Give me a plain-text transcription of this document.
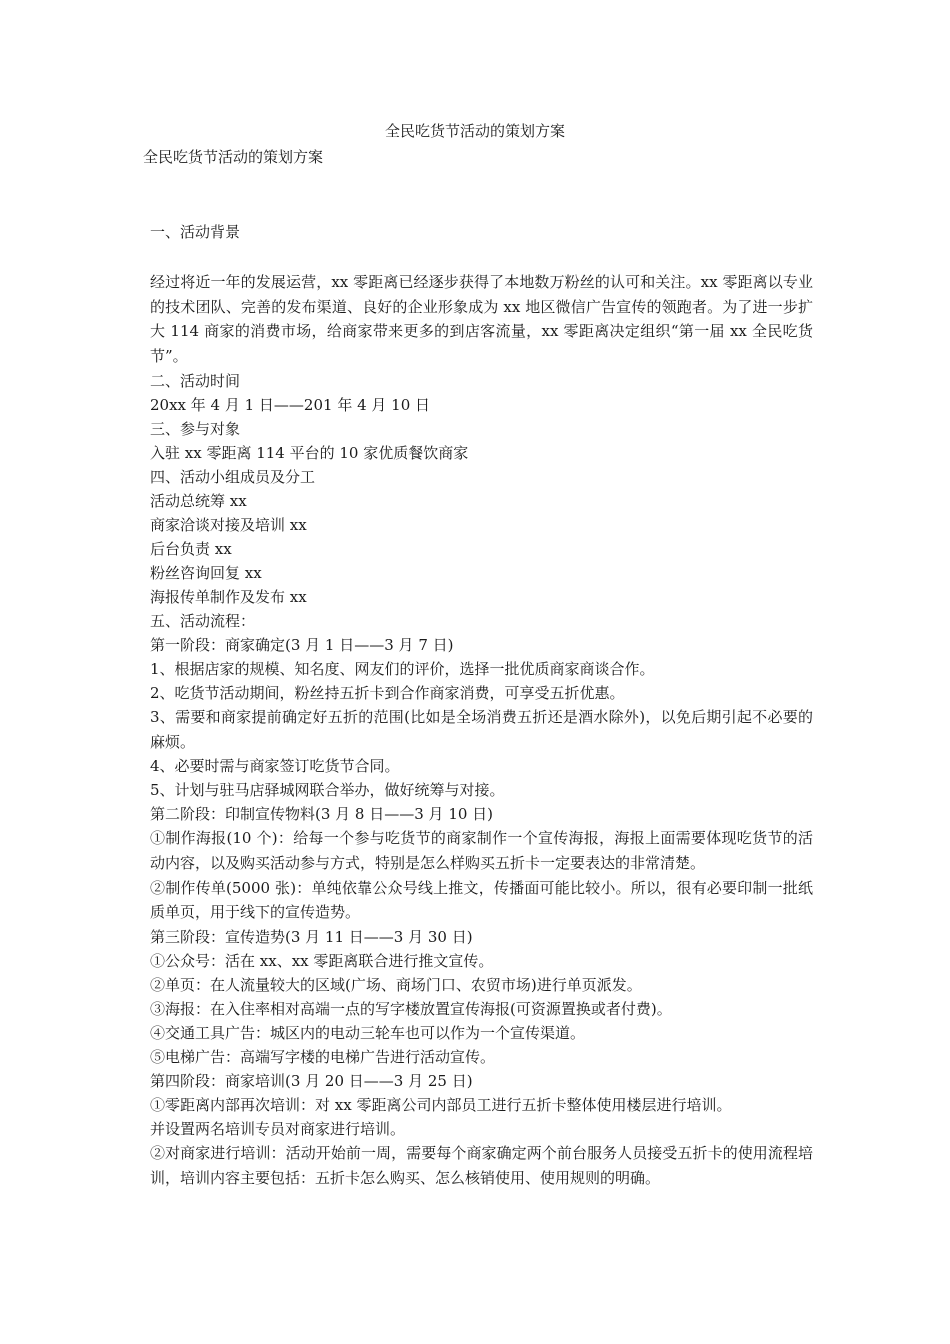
全民吃货节活动的策划方案
全民吃货节活动的策划方案
一、活动背景
经过将近一年的发展运营，xx 零距离已经逐步获得了本地数万粉丝的认可和关注。xx 零距离以专业的技术团队、完善的发布渠道、良好的企业形象成为 xx 地区微信广告宣传的领跑者。为了进一步扩大 114 商家的消费市场，给商家带来更多的到店客流量，xx 零距离决定组织“第一届 xx 全民吃货节”。
二、活动时间
20xx 年 4 月 1 日——201 年 4 月 10 日
三、参与对象
入驻 xx 零距离 114 平台的 10 家优质餐饮商家
四、活动小组成员及分工
活动总统筹 xx
商家洽谈对接及培训 xx
后台负责 xx
粉丝咨询回复 xx
海报传单制作及发布 xx
五、活动流程：
第一阶段：商家确定(3 月 1 日——3 月 7 日)
1、根据店家的规模、知名度、网友们的评价，选择一批优质商家商谈合作。
2、吃货节活动期间，粉丝持五折卡到合作商家消费，可享受五折优惠。
3、需要和商家提前确定好五折的范围(比如是全场消费五折还是酒水除外)，以免后期引起不必要的麻烦。
4、必要时需与商家签订吃货节合同。
5、计划与驻马店驿城网联合举办，做好统筹与对接。
第二阶段：印制宣传物料(3 月 8 日——3 月 10 日)
①制作海报(10 个)：给每一个参与吃货节的商家制作一个宣传海报，海报上面需要体现吃货节的活动内容，以及购买活动参与方式，特别是怎么样购买五折卡一定要表达的非常清楚。
②制作传单(5000 张)：单纯依靠公众号线上推文，传播面可能比较小。所以，很有必要印制一批纸质单页，用于线下的宣传造势。
第三阶段：宣传造势(3 月 11 日——3 月 30 日)
①公众号：活在 xx、xx 零距离联合进行推文宣传。
②单页：在人流量较大的区域(广场、商场门口、农贸市场)进行单页派发。
③海报：在入住率相对高端一点的写字楼放置宣传海报(可资源置换或者付费)。
④交通工具广告：城区内的电动三轮车也可以作为一个宣传渠道。
⑤电梯广告：高端写字楼的电梯广告进行活动宣传。
第四阶段：商家培训(3 月 20 日——3 月 25 日)
①零距离内部再次培训：对 xx 零距离公司内部员工进行五折卡整体使用楼层进行培训。
并设置两名培训专员对商家进行培训。
②对商家进行培训：活动开始前一周，需要每个商家确定两个前台服务人员接受五折卡的使用流程培训，培训内容主要包括：五折卡怎么购买、怎么核销使用、使用规则的明确。
